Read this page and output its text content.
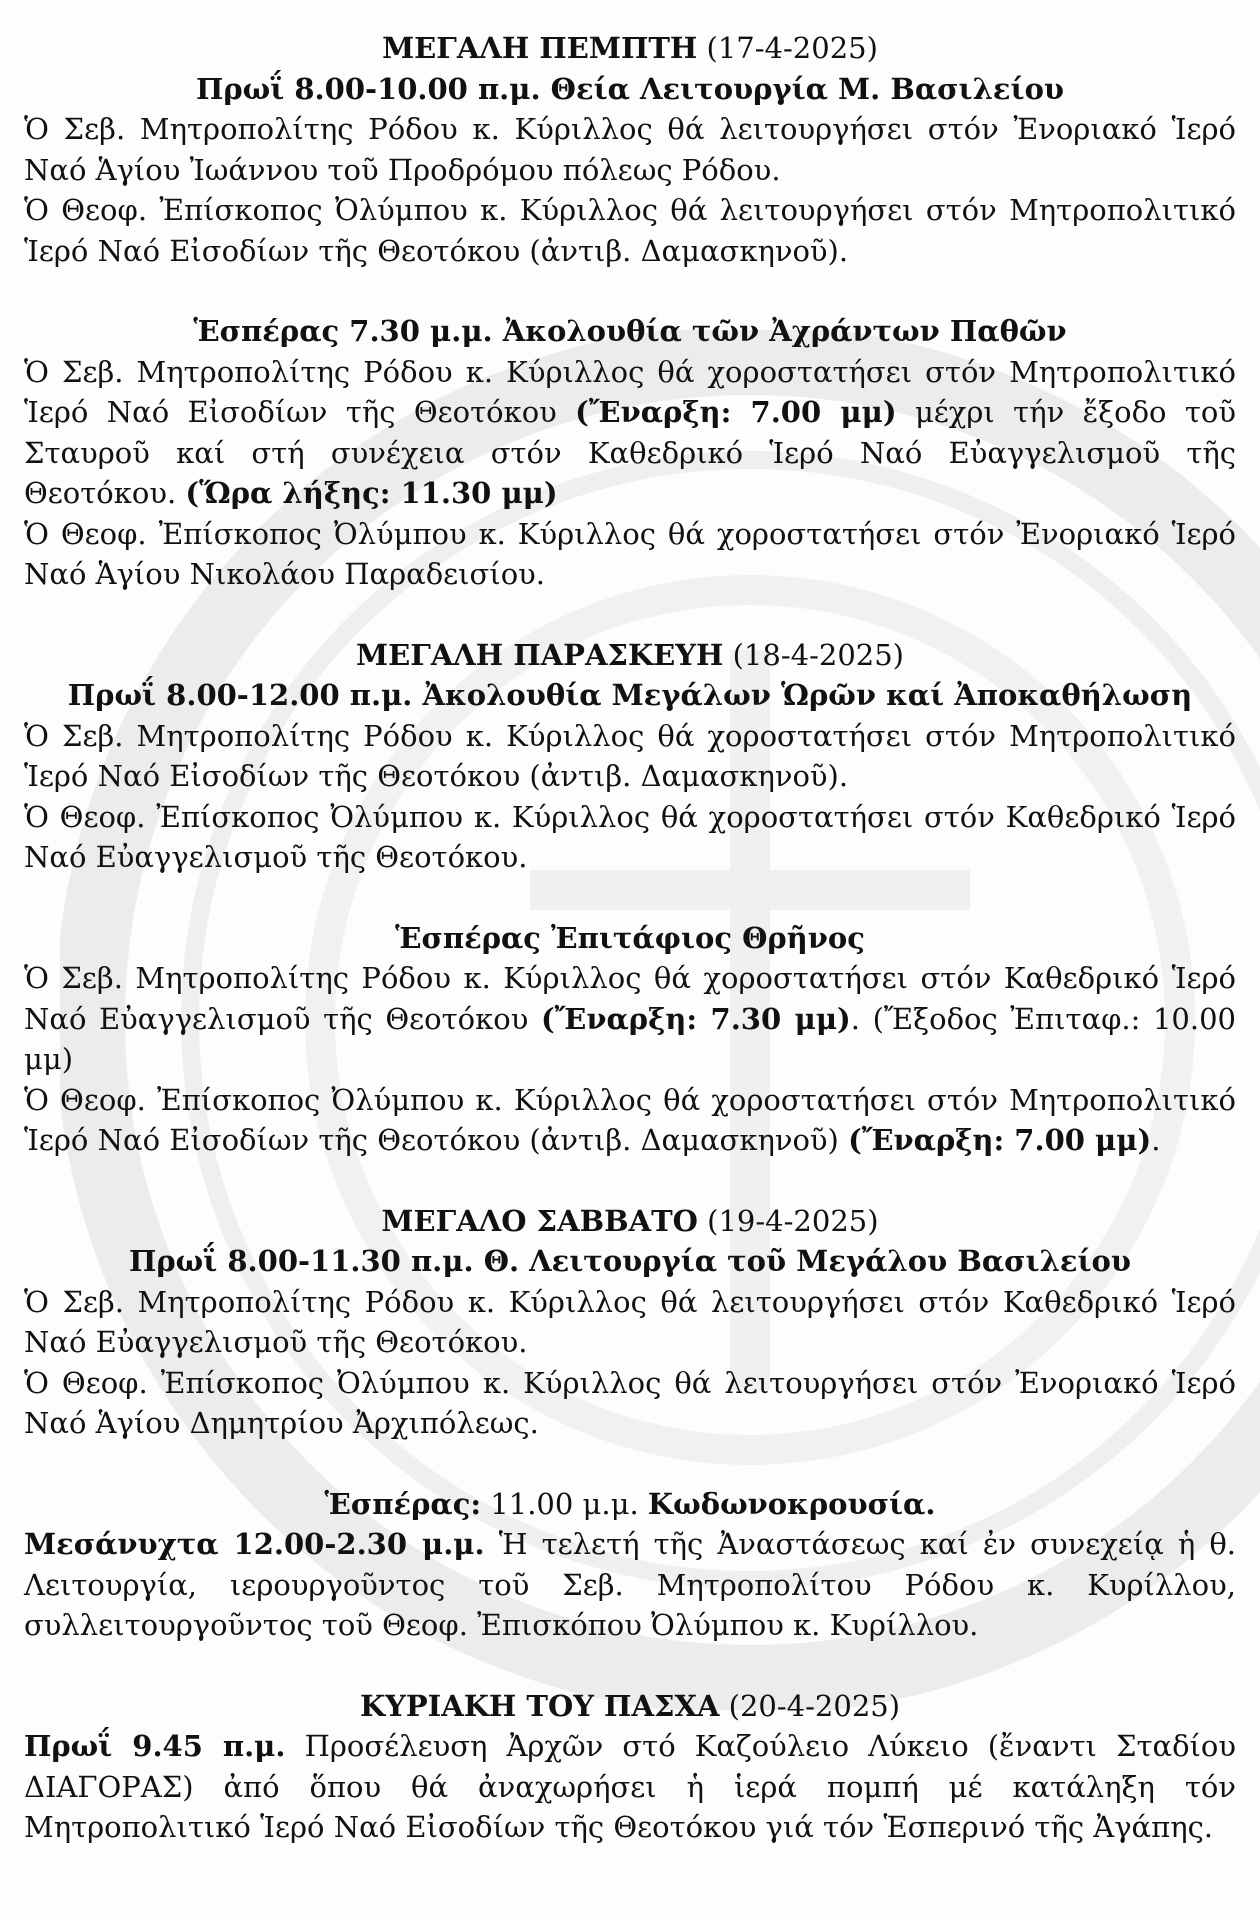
ΜΕΓΑΛΗ ΠΕΜΠΤΗ (17-4-2025)

Πρωΐ 8.00-10.00 π.μ. Θεία Λειτουργία Μ. Βασιλείου

Ὁ Σεβ. Μητροπολίτης Ρόδου κ. Κύριλλος θά λειτουργήσει στόν Ἐνοριακό Ἱερό Ναό Ἁγίου Ἰωάννου τοῦ Προδρόμου πόλεως Ρόδου.

Ὁ Θεοφ. Ἐπίσκοπος Ὀλύμπου κ. Κύριλλος θά λειτουργήσει στόν Μητροπολιτικό Ἱερό Ναό Εἰσοδίων τῆς Θεοτόκου (ἀντιβ. Δαμασκηνοῦ).

Ἑσπέρας 7.30 μ.μ. Ἀκολουθία τῶν Ἀχράντων Παθῶν

Ὁ Σεβ. Μητροπολίτης Ρόδου κ. Κύριλλος θά χοροστατήσει στόν Μητροπολιτικό Ἱερό Ναό Εἰσοδίων τῆς Θεοτόκου (Ἔναρξη: 7.00 μμ) μέχρι τήν ἔξοδο τοῦ Σταυροῦ καί στή συνέχεια στόν Καθεδρικό Ἱερό Ναό Εὐαγγελισμοῦ τῆς Θεοτόκου. (Ὥρα λήξης: 11.30 μμ)

Ὁ Θεοφ. Ἐπίσκοπος Ὀλύμπου κ. Κύριλλος θά χοροστατήσει στόν Ἐνοριακό Ἱερό Ναό Ἁγίου Νικολάου Παραδεισίου.

ΜΕΓΑΛΗ ΠΑΡΑΣΚΕΥΗ (18-4-2025)

Πρωΐ 8.00-12.00 π.μ. Ἀκολουθία Μεγάλων Ὡρῶν καί Ἀποκαθήλωση

Ὁ Σεβ. Μητροπολίτης Ρόδου κ. Κύριλλος θά χοροστατήσει στόν Μητροπολιτικό Ἱερό Ναό Εἰσοδίων τῆς Θεοτόκου (ἀντιβ. Δαμασκηνοῦ).

Ὁ Θεοφ. Ἐπίσκοπος Ὀλύμπου κ. Κύριλλος θά χοροστατήσει στόν Καθεδρικό Ἱερό Ναό Εὐαγγελισμοῦ τῆς Θεοτόκου.

Ἑσπέρας Ἐπιτάφιος Θρῆνος

Ὁ Σεβ. Μητροπολίτης Ρόδου κ. Κύριλλος θά χοροστατήσει στόν Καθεδρικό Ἱερό Ναό Εὐαγγελισμοῦ τῆς Θεοτόκου (Ἔναρξη: 7.30 μμ). (Ἔξοδος Ἐπιταφ.: 10.00 μμ)

Ὁ Θεοφ. Ἐπίσκοπος Ὀλύμπου κ. Κύριλλος θά χοροστατήσει στόν Μητροπολιτικό Ἱερό Ναό Εἰσοδίων τῆς Θεοτόκου (ἀντιβ. Δαμασκηνοῦ) (Ἔναρξη: 7.00 μμ).

ΜΕΓΑΛΟ ΣΑΒΒΑΤΟ (19-4-2025)

Πρωΐ 8.00-11.30 π.μ. Θ. Λειτουργία τοῦ Μεγάλου Βασιλείου

Ὁ Σεβ. Μητροπολίτης Ρόδου κ. Κύριλλος θά λειτουργήσει στόν Καθεδρικό Ἱερό Ναό Εὐαγγελισμοῦ τῆς Θεοτόκου.

Ὁ Θεοφ. Ἐπίσκοπος Ὀλύμπου κ. Κύριλλος θά λειτουργήσει στόν Ἐνοριακό Ἱερό Ναό Ἁγίου Δημητρίου Ἀρχιπόλεως.

Ἑσπέρας: 11.00 μ.μ. Κωδωνοκρουσία.

Μεσάνυχτα 12.00-2.30 μ.μ. Ἡ τελετή τῆς Ἀναστάσεως καί ἐν συνεχείᾳ ἡ θ. Λειτουργία, ιερουργοῦντος τοῦ Σεβ. Μητροπολίτου Ρόδου κ. Κυρίλλου, συλλειτουργοῦντος τοῦ Θεοφ. Ἐπισκόπου Ὀλύμπου κ. Κυρίλλου.

ΚΥΡΙΑΚΗ ΤΟΥ ΠΑΣΧΑ (20-4-2025)

Πρωΐ 9.45 π.μ. Προσέλευση Ἀρχῶν στό Καζούλειο Λύκειο (ἔναντι Σταδίου ΔΙΑΓΟΡΑΣ) ἀπό ὅπου θά ἀναχωρήσει ἡ ἱερά πομπή μέ κατάληξη τόν Μητροπολιτικό Ἱερό Ναό Εἰσοδίων τῆς Θεοτόκου γιά τόν Ἑσπερινό τῆς Ἀγάπης.
